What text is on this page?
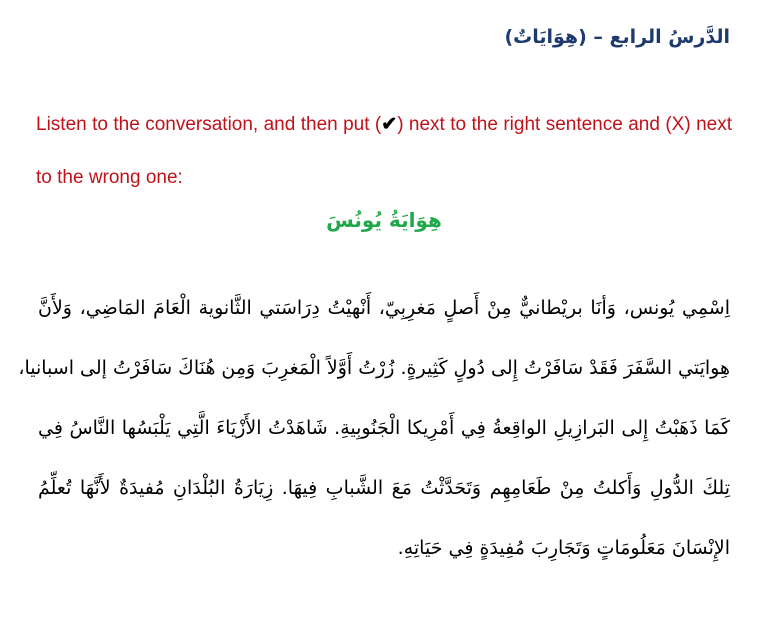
الدَّرسُ الرابع – (هِوَايَاتٌ)
Listen to the conversation, and then put (✔) next to the right sentence and (X) next to the wrong one:
هِوَايَةُ يُونُسَ
اِسْمِي يُونس، وَأنَا بريْطانيٌّ مِنْ أَصلٍ مَغرِبِيّ، أَنْهيْتُ دِرَاسَتي الثَّانوية الْعَامَ المَاضِي، وَلأَنَّ
هِوايَتي السَّفَرَ فَقَدْ سَافَرْتُ إِلى دُولٍ كَثِيرةٍ. زُرْتُ أَوَّلاً الْمَغرِبَ وَمِن هُنَاكَ سَافَرْتُ إلى اسبانيا،
كَمَا ذَهَبْتُ إِلى البَرازِيلِ الواقِعةُ فِي أَمْرِيكا الْجَنُوبِيةِ. شَاهَدْتُ الأَزْيَاءَ الَّتِي يَلْبَسُها النَّاسُ فِي
تِلكَ الدُّولِ وَأَكلتُ مِنْ طَعَامِهِم وَتَحَدَّثْتُ مَعَ الشَّبابِ فِيهَا. زِيَارَةُ البُلْدَانِ مُفيدَةٌ لأَنَّهَا تُعلِّمُ
الإِنْسَانَ مَعَلُومَاتٍ وَتَجَارِبَ مُفِيدَةٍ فِي حَيَاتِهِ.
